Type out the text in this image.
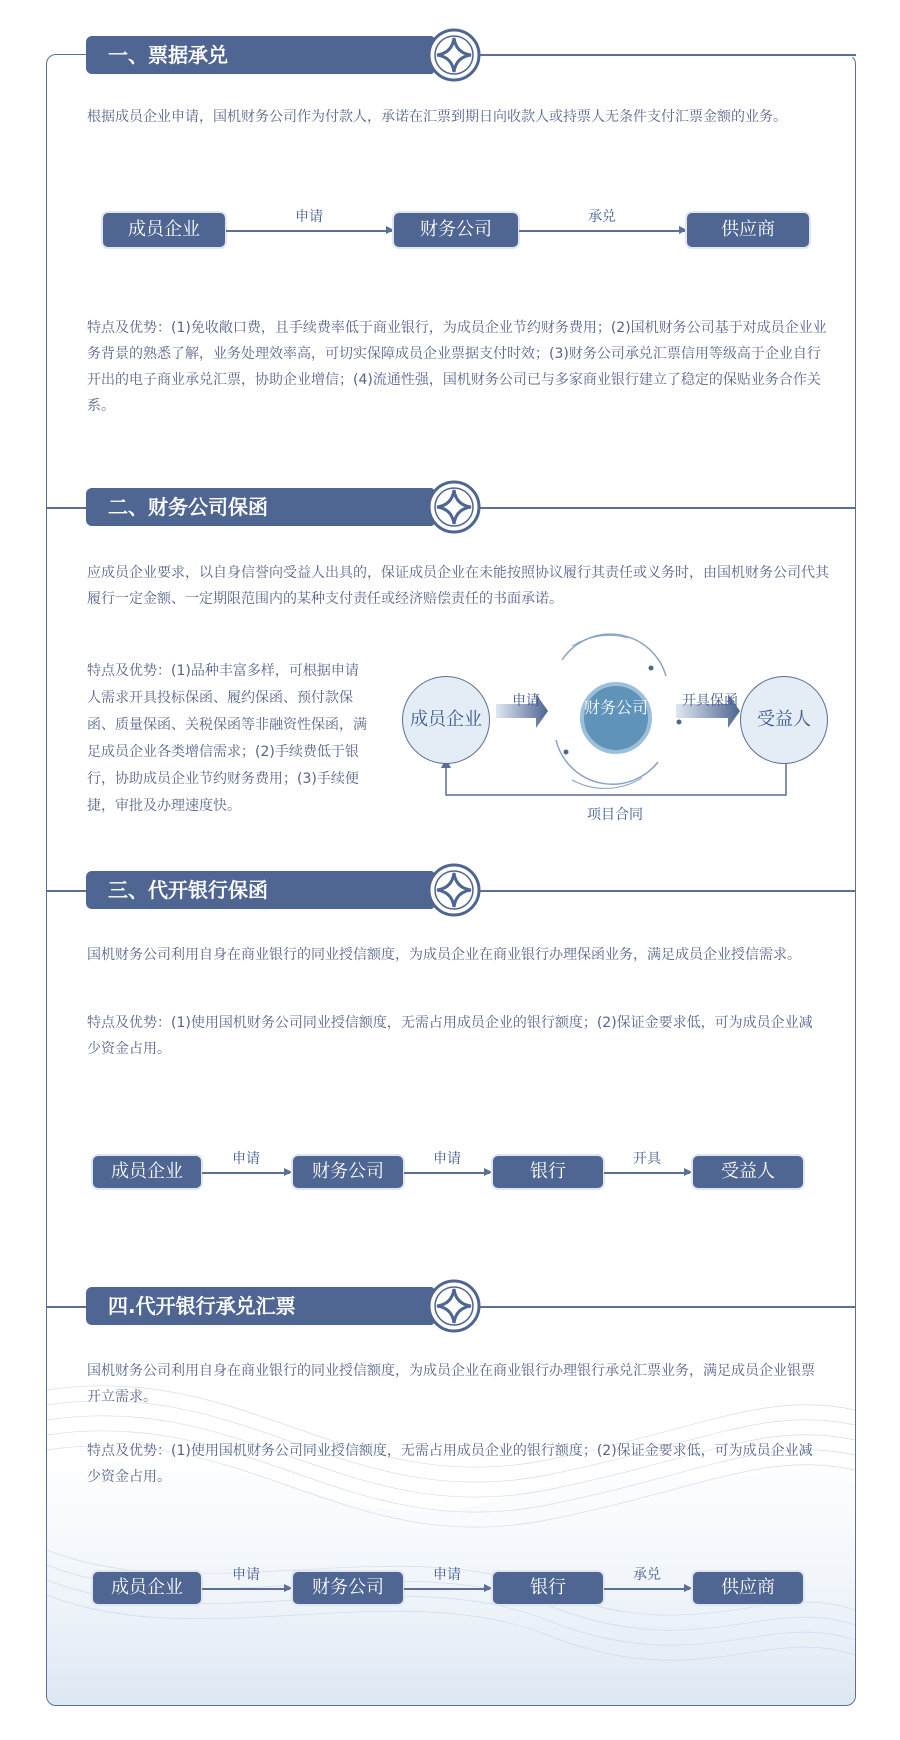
一、票据承兑
根据成员企业申请，国机财务公司作为付款人，承诺在汇票到期日向收款人或持票人无条件支付汇票金额的业务。
成员企业
申请
财务公司
承兑
供应商
特点及优势：(1)免收敞口费，且手续费率低于商业银行，为成员企业节约财务费用；(2)国机财务公司基于对成员企业业务背景的熟悉了解，业务处理效率高，可切实保障成员企业票据支付时效；(3)财务公司承兑汇票信用等级高于企业自行开出的电子商业承兑汇票，协助企业增信；(4)流通性强，国机财务公司已与多家商业银行建立了稳定的保贴业务合作关系。
二、财务公司保函
应成员企业要求，以自身信誉向受益人出具的，保证成员企业在未能按照协议履行其责任或义务时，由国机财务公司代其履行一定金额、一定期限范围内的某种支付责任或经济赔偿责任的书面承诺。
特点及优势：(1)品种丰富多样，可根据申请人需求开具投标保函、履约保函、预付款保函、质量保函、关税保函等非融资性保函，满足成员企业各类增信需求；(2)手续费低于银行，协助成员企业节约财务费用；(3)手续便捷，审批及办理速度快。
成员企业
财务公司
受益人
申请	开具保函
项目合同
三、代开银行保函
国机财务公司利用自身在商业银行的同业授信额度，为成员企业在商业银行办理保函业务，满足成员企业授信需求。
特点及优势：(1)使用国机财务公司同业授信额度，无需占用成员企业的银行额度；(2)保证金要求低，可为成员企业减少资金占用。
成员企业
申请
财务公司
申请
银行
开具
受益人
四.代开银行承兑汇票
国机财务公司利用自身在商业银行的同业授信额度，为成员企业在商业银行办理银行承兑汇票业务，满足成员企业银票开立需求。
特点及优势：(1)使用国机财务公司同业授信额度，无需占用成员企业的银行额度；(2)保证金要求低，可为成员企业减少资金占用。
成员企业
申请
财务公司
申请
银行
承兑
供应商
